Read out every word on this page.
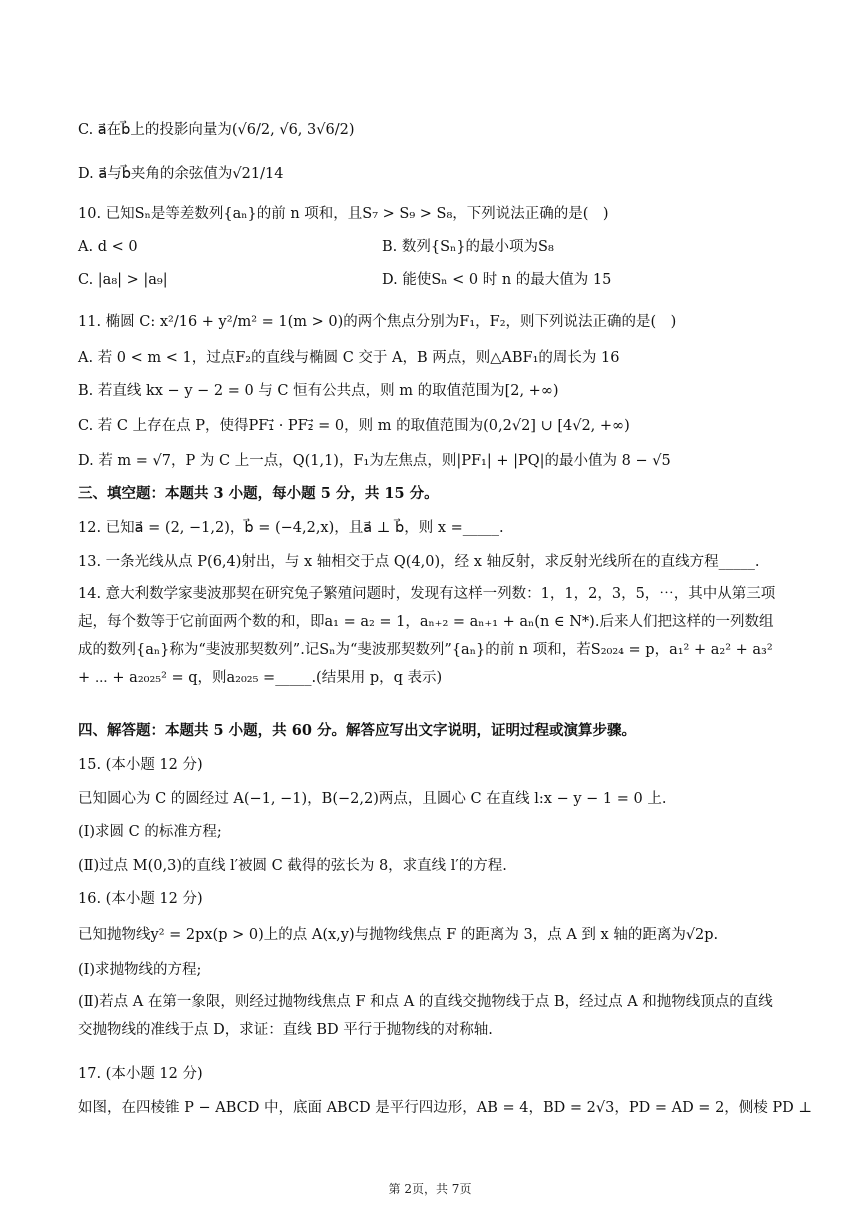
C. a⃗在b⃗上的投影向量为(√6/2, √6, 3√6/2)
D. a⃗与b⃗夹角的余弦值为√21/14
10. 已知Sₙ是等差数列{aₙ}的前 n 项和，且S₇ > S₉ > S₈，下列说法正确的是(　)
A. d < 0	B. 数列{Sₙ}的最小项为S₈
C. |a₈| > |a₉|	D. 能使Sₙ < 0 时 n 的最大值为 15
11. 椭圆 C: x²/16 + y²/m² = 1(m > 0)的两个焦点分别为F₁，F₂，则下列说法正确的是(　)
A. 若 0 < m < 1，过点F₂的直线与椭圆 C 交于 A，B 两点，则△ABF₁的周长为 16
B. 若直线 kx − y − 2 = 0 与 C 恒有公共点，则 m 的取值范围为[2, +∞)
C. 若 C 上存在点 P，使得PF₁⃗ · PF₂⃗ = 0，则 m 的取值范围为(0,2√2] ∪ [4√2, +∞)
D. 若 m = √7，P 为 C 上一点，Q(1,1)，F₁为左焦点，则|PF₁| + |PQ|的最小值为 8 − √5
三、填空题：本题共 3 小题，每小题 5 分，共 15 分。
12. 已知a⃗ = (2, −1,2)，b⃗ = (−4,2,x)，且a⃗ ⊥ b⃗，则 x =_____.
13. 一条光线从点 P(6,4)射出，与 x 轴相交于点 Q(4,0)，经 x 轴反射，求反射光线所在的直线方程_____.
14. 意大利数学家斐波那契在研究兔子繁殖问题时，发现有这样一列数：1，1，2，3，5，⋯，其中从第三项起，每个数等于它前面两个数的和，即a₁ = a₂ = 1，aₙ₊₂ = aₙ₊₁ + aₙ(n ∈ N*).后来人们把这样的一列数组成的数列{aₙ}称为“斐波那契数列”.记Sₙ为“斐波那契数列”{aₙ}的前 n 项和，若S₂₀₂₄ = p，a₁² + a₂² + a₃² + ⋯ + a₂₀₂₅² = q，则a₂₀₂₅ =_____.(结果用 p，q 表示)
四、解答题：本题共 5 小题，共 60 分。解答应写出文字说明，证明过程或演算步骤。
15. (本小题 12 分)
已知圆心为 C 的圆经过 A(−1, −1)，B(−2,2)两点，且圆心 C 在直线 l:x − y − 1 = 0 上.
(Ⅰ)求圆 C 的标准方程;
(Ⅱ)过点 M(0,3)的直线 l′被圆 C 截得的弦长为 8，求直线 l′的方程.
16. (本小题 12 分)
已知抛物线y² = 2px(p > 0)上的点 A(x,y)与抛物线焦点 F 的距离为 3，点 A 到 x 轴的距离为√2p.
(Ⅰ)求抛物线的方程;
(Ⅱ)若点 A 在第一象限，则经过抛物线焦点 F 和点 A 的直线交抛物线于点 B，经过点 A 和抛物线顶点的直线交抛物线的准线于点 D，求证：直线 BD 平行于抛物线的对称轴.
17. (本小题 12 分)
如图，在四棱锥 P − ABCD 中，底面 ABCD 是平行四边形，AB = 4，BD = 2√3，PD = AD = 2，侧棱 PD ⊥
第 2页，共 7页
